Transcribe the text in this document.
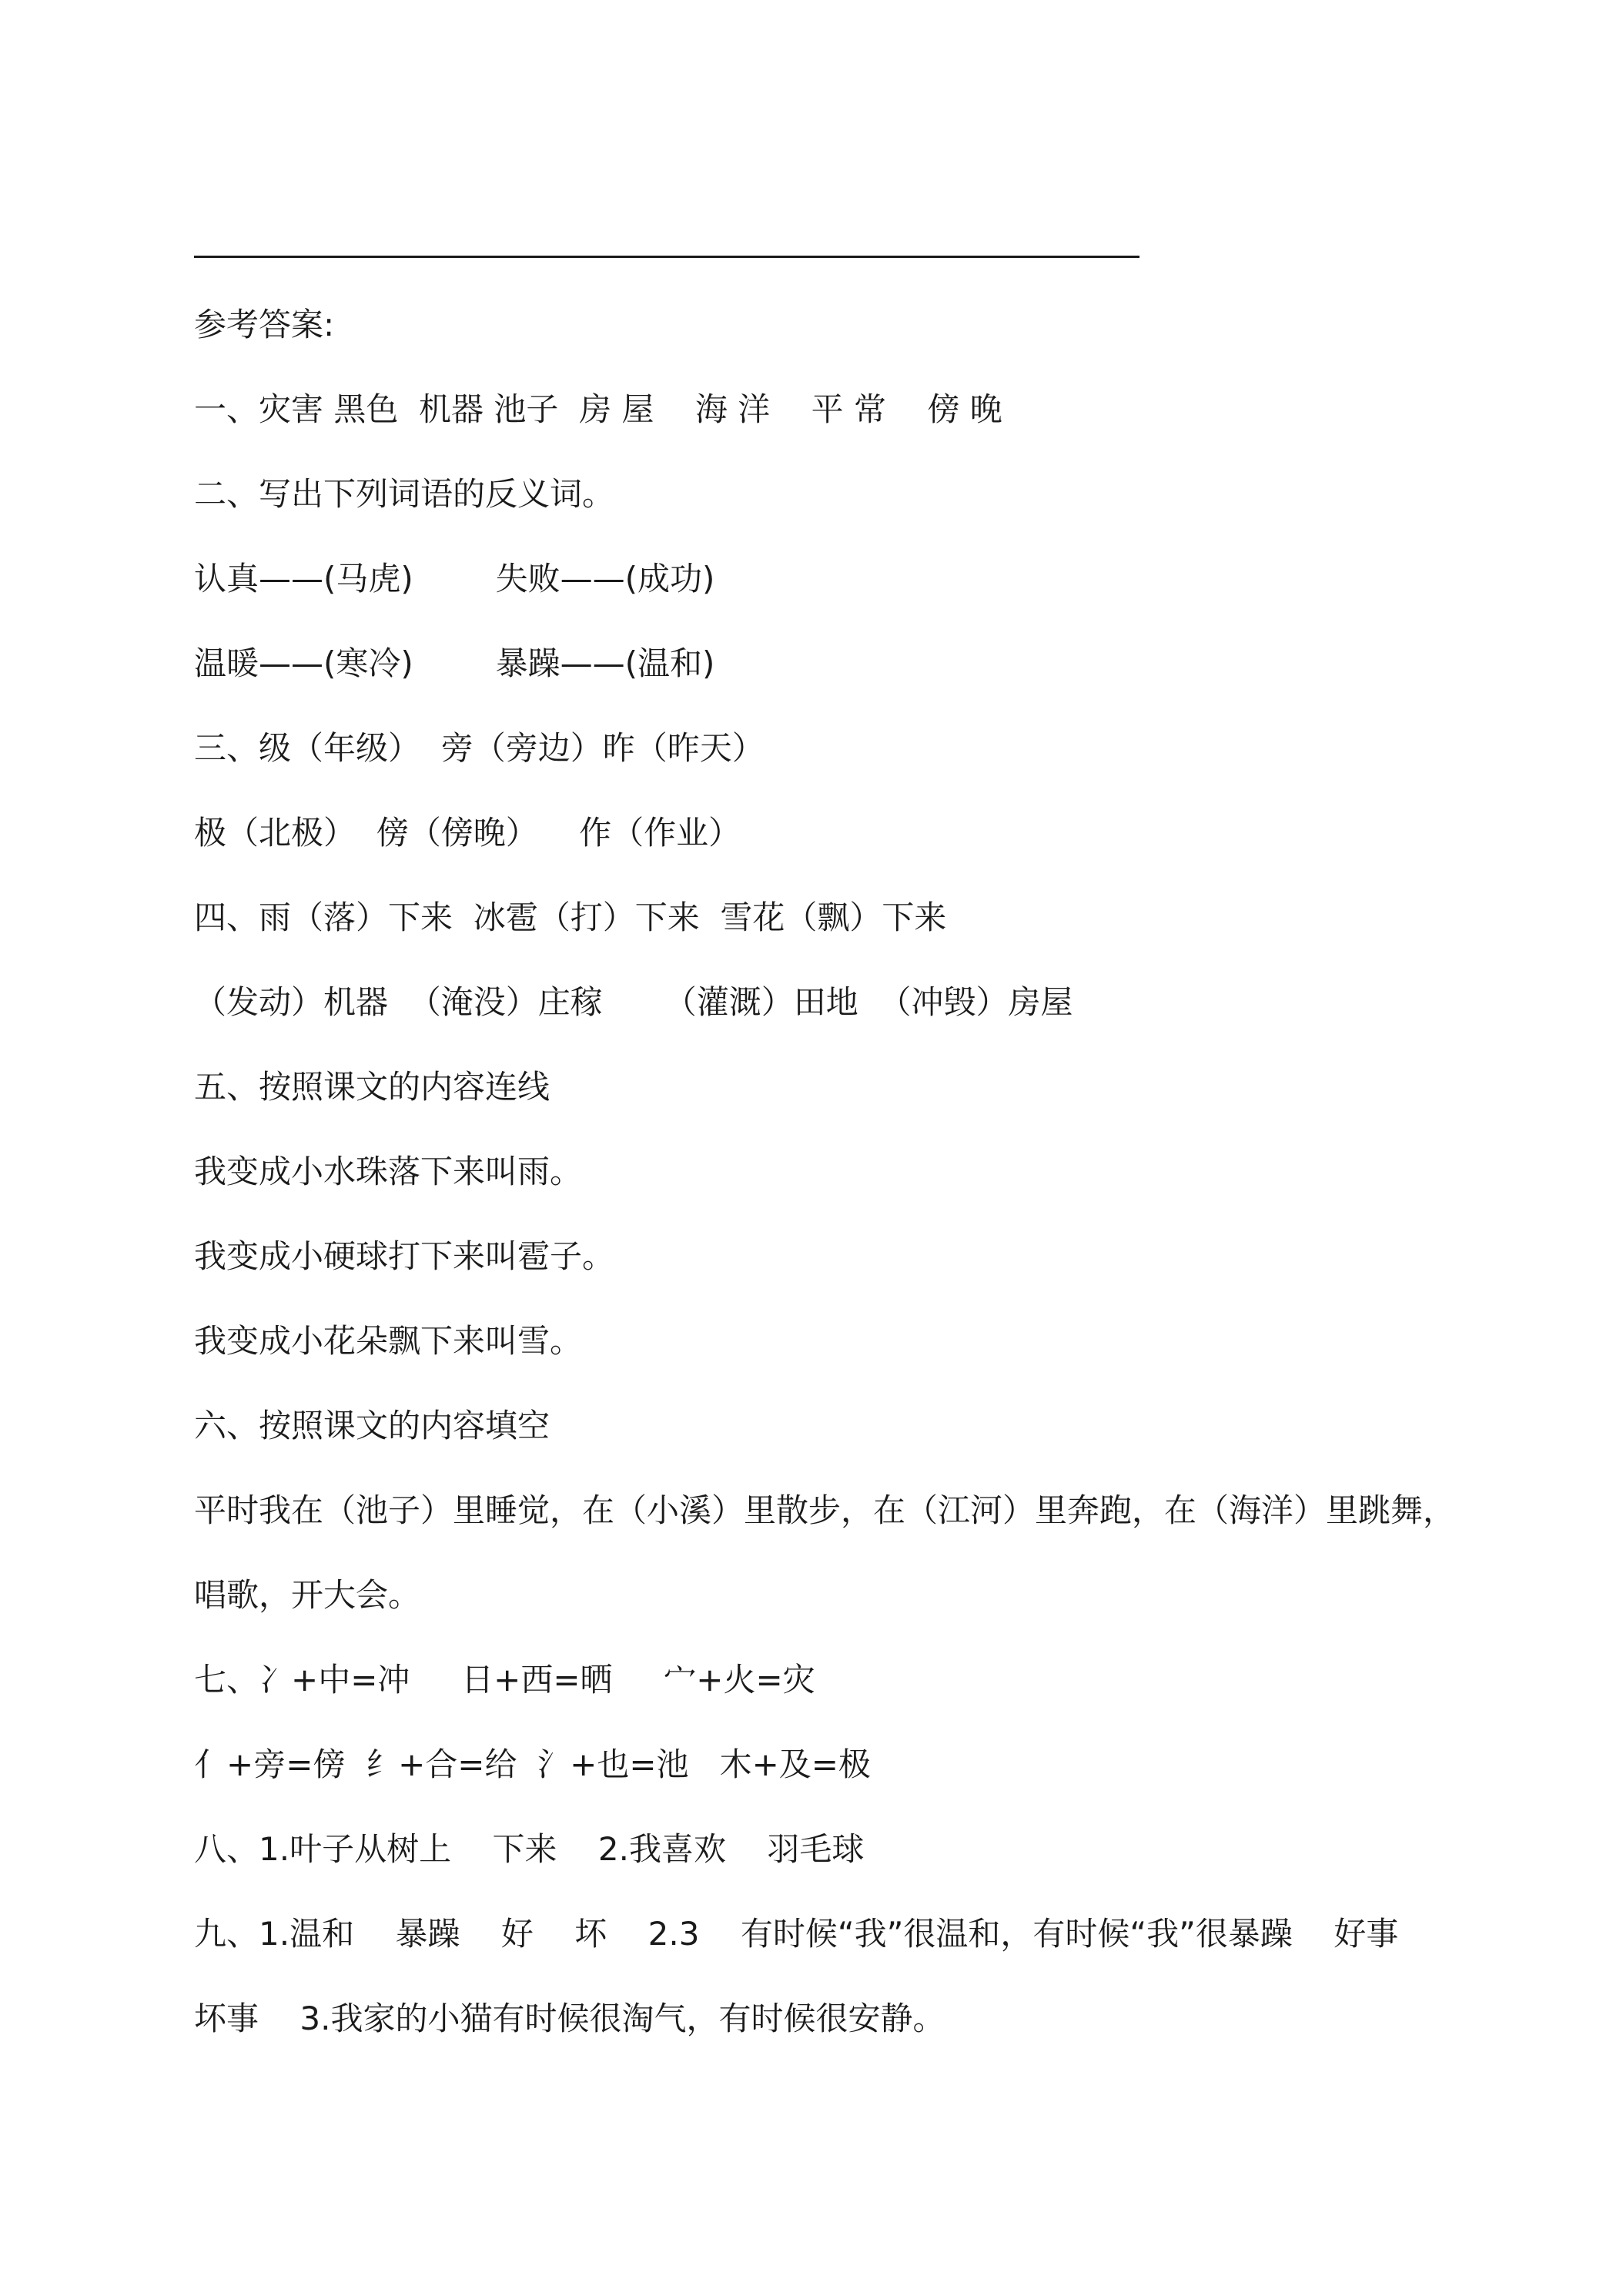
参考答案:
一、灾害 黑色  机器 池子  房 屋    海 洋    平 常    傍 晚
二、写出下列词语的反义词。
认真——(马虎)        失败——(成功)
温暖——(寒冷)        暴躁——(温和)
三、级（年级）  旁（旁边）昨（昨天）
极（北极）  傍（傍晚）    作（作业）
四、雨（落）下来  冰雹（打）下来  雪花（飘）下来
（发动）机器  （淹没）庄稼      （灌溉）田地  （冲毁）房屋
五、按照课文的内容连线
我变成小水珠落下来叫雨。
我变成小硬球打下来叫雹子。
我变成小花朵飘下来叫雪。
六、按照课文的内容填空
平时我在（池子）里睡觉，在（小溪）里散步，在（江河）里奔跑，在（海洋）里跳舞，
唱歌，开大会。
七、冫+中=冲     日+西=晒     宀+火=灾
亻+旁=傍  纟+合=给  氵+也=池   木+及=极
八、1.叶子从树上    下来    2.我喜欢    羽毛球
九、1.温和    暴躁    好    坏    2.3    有时候“我”很温和，有时候“我”很暴躁    好事
坏事    3.我家的小猫有时候很淘气，有时候很安静。
